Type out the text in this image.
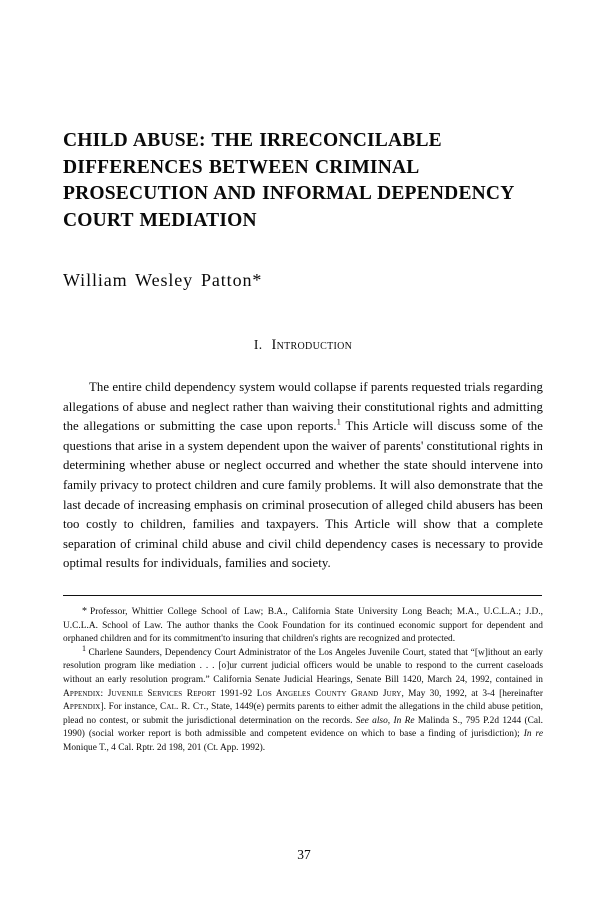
CHILD ABUSE: THE IRRECONCILABLE DIFFERENCES BETWEEN CRIMINAL PROSECUTION AND INFORMAL DEPENDENCY COURT MEDIATION

William Wesley Patton*

I. Introduction

The entire child dependency system would collapse if parents requested trials regarding allegations of abuse and neglect rather than waiving their constitutional rights and admitting the allegations or submitting the case upon reports.$^1$ This Article will discuss some of the questions that arise in a system dependent upon the waiver of parents' constitutional rights in determining whether abuse or neglect occurred and whether the state should intervene into family privacy to protect children and cure family problems. It will also demonstrate that the last decade of increasing emphasis on criminal prosecution of alleged child abusers has been too costly to children, families and taxpayers. This Article will show that a complete separation of criminal child abuse and civil child dependency cases is necessary to provide optimal results for individuals, families and society.

* Professor, Whittier College School of Law; B.A., California State University Long Beach; M.A., U.C.L.A.; J.D., U.C.L.A. School of Law. The author thanks the Cook Foundation for its continued economic support for dependent and orphaned children and for its commitment'to insuring that children's rights are recognized and protected.

1 Charlene Saunders, Dependency Court Administrator of the Los Angeles Juvenile Court, stated that “[w]ithout an early resolution program like mediation . . . [o]ur current judicial officers would be unable to respond to the current caseloads without an early resolution program.” California Senate Judicial Hearings, Senate Bill 1420, March 24, 1992, contained in Appendix: Juvenile Services Report 1991-92 Los Angeles County Grand Jury, May 30, 1992, at 3-4 [hereinafter Appendix]. For instance, Cal. R. Ct., State, 1449(e) permits parents to either admit the allegations in the child abuse petition, plead no contest, or submit the jurisdictional determination on the records. See also, In Re Malinda S., 795 P.2d 1244 (Cal. 1990) (social worker report is both admissible and competent evidence on which to base a finding of jurisdiction); In re Monique T., 4 Cal. Rptr. 2d 198, 201 (Ct. App. 1992).

37
